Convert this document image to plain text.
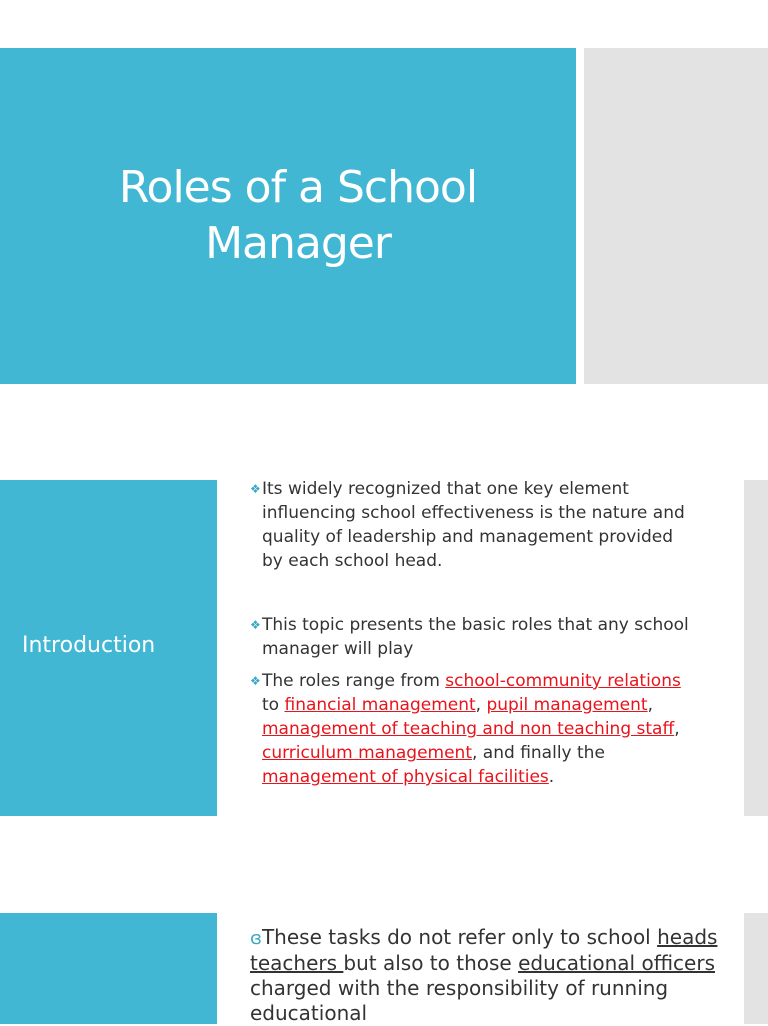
Roles of a School
Manager
Introduction

❖ Its widely recognized that one key element influencing school effectiveness is the nature and quality of leadership and management provided by each school head.

❖ This topic presents the basic roles that any school manager will play

❖ The roles range from school-community relations to financial management, pupil management, management of teaching and non teaching staff, curriculum management, and finally the management of physical facilities.

ɞThese tasks do not refer only to school heads teachers but also to those educational officers charged with the responsibility of running educational
